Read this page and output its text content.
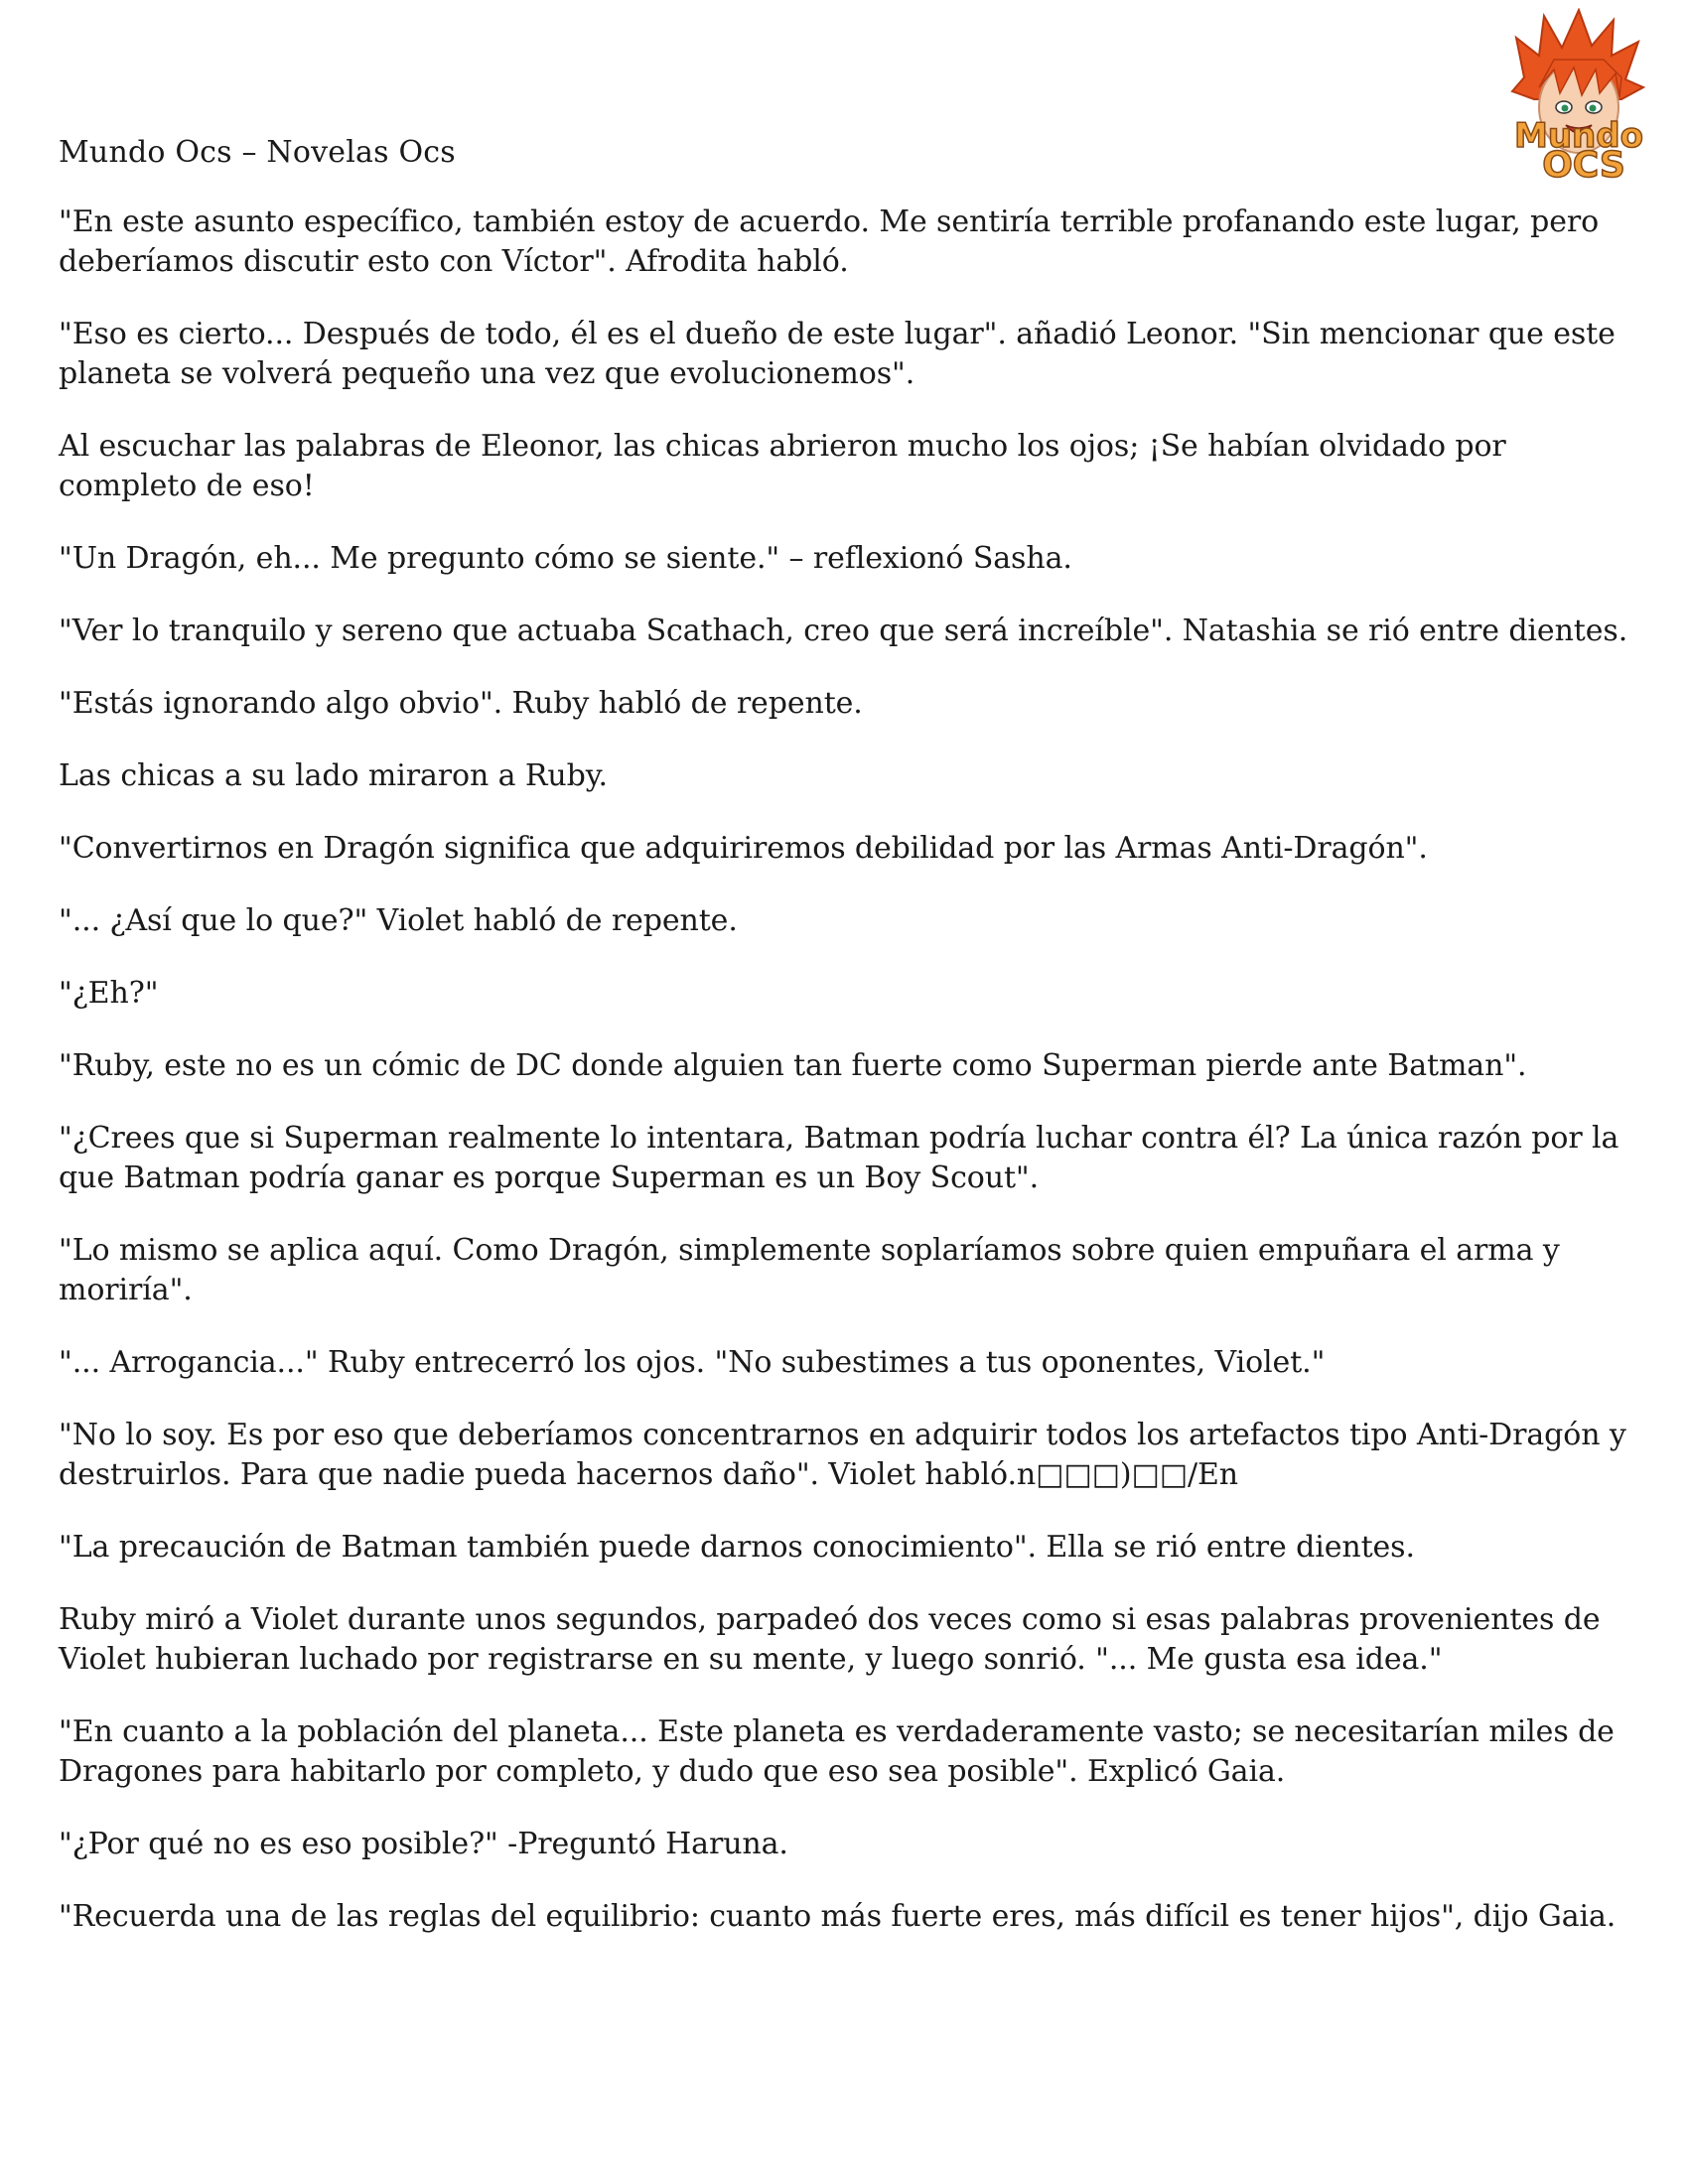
Mundo
OCS
Mundo Ocs – Novelas Ocs

"En este asunto específico, también estoy de acuerdo. Me sentiría terrible profanando este lugar, pero deberíamos discutir esto con Víctor". Afrodita habló.

"Eso es cierto... Después de todo, él es el dueño de este lugar". añadió Leonor. "Sin mencionar que este planeta se volverá pequeño una vez que evolucionemos".

Al escuchar las palabras de Eleonor, las chicas abrieron mucho los ojos; ¡Se habían olvidado por completo de eso!

"Un Dragón, eh... Me pregunto cómo se siente." – reflexionó Sasha.

"Ver lo tranquilo y sereno que actuaba Scathach, creo que será increíble". Natashia se rió entre dientes.

"Estás ignorando algo obvio". Ruby habló de repente.

Las chicas a su lado miraron a Ruby.

"Convertirnos en Dragón significa que adquiriremos debilidad por las Armas Anti-Dragón".

"... ¿Así que lo que?" Violet habló de repente.

"¿Eh?"

"Ruby, este no es un cómic de DC donde alguien tan fuerte como Superman pierde ante Batman".

"¿Crees que si Superman realmente lo intentara, Batman podría luchar contra él? La única razón por la que Batman podría ganar es porque Superman es un Boy Scout".

"Lo mismo se aplica aquí. Como Dragón, simplemente soplaríamos sobre quien empuñara el arma y moriría".

"... Arrogancia..." Ruby entrecerró los ojos. "No subestimes a tus oponentes, Violet."

"No lo soy. Es por eso que deberíamos concentrarnos en adquirir todos los artefactos tipo Anti-Dragón y destruirlos. Para que nadie pueda hacernos daño". Violet habló.n□□□)□□/En

"La precaución de Batman también puede darnos conocimiento". Ella se rió entre dientes.

Ruby miró a Violet durante unos segundos, parpadeó dos veces como si esas palabras provenientes de Violet hubieran luchado por registrarse en su mente, y luego sonrió. "... Me gusta esa idea."

"En cuanto a la población del planeta... Este planeta es verdaderamente vasto; se necesitarían miles de Dragones para habitarlo por completo, y dudo que eso sea posible". Explicó Gaia.

"¿Por qué no es eso posible?" -Preguntó Haruna.

"Recuerda una de las reglas del equilibrio: cuanto más fuerte eres, más difícil es tener hijos", dijo Gaia.
